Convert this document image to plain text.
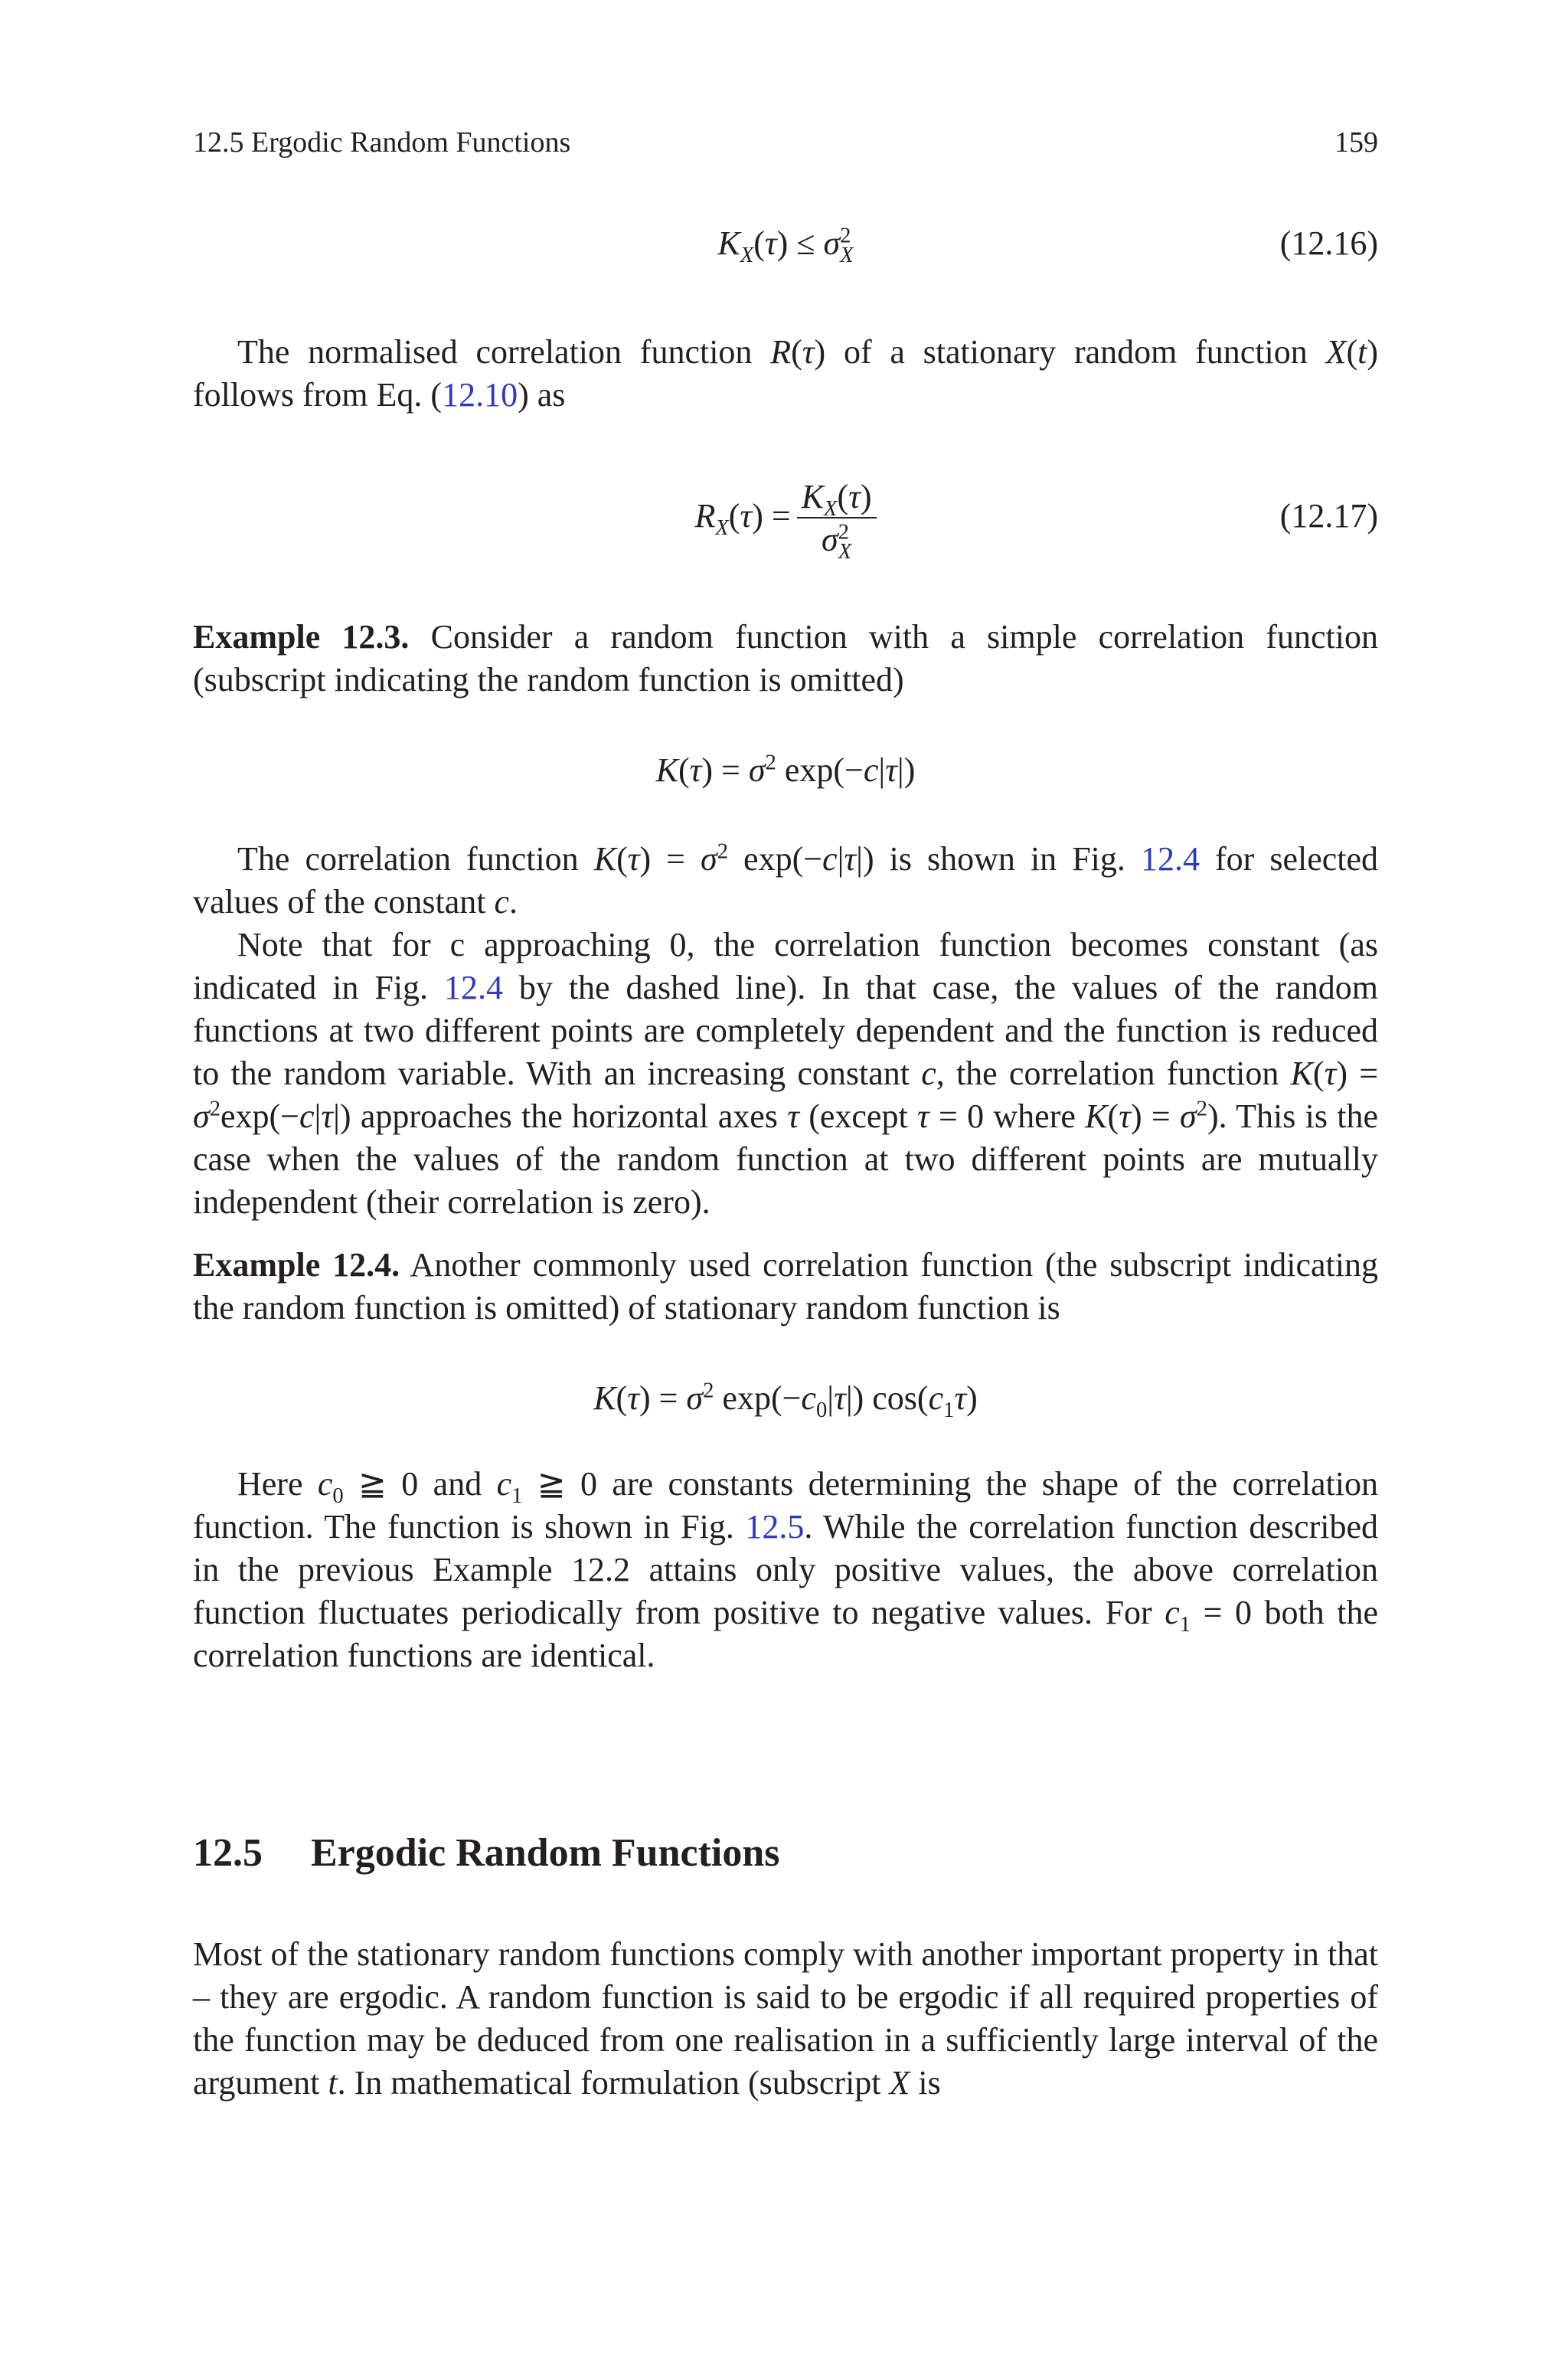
12.5 Ergodic Random Functions	159
$K_X(\tau) \le \sigma^2_X$	(12.16)

The normalised correlation function R(τ) of a stationary random function X(t) follows from Eq. (12.10) as

$R_X(\tau) = \frac{K_X(\tau)}{\sigma^2_X}$	(12.17)

Example 12.3. Consider a random function with a simple correlation function (subscript indicating the random function is omitted)

$K(\tau) = \sigma^2$ exp(−c|τ|)

The correlation function $K(\tau) = \sigma^2$ exp(−c|τ|) is shown in Fig. 12.4 for selected values of the constant c.

Note that for c approaching 0, the correlation function becomes constant (as indicated in Fig. 12.4 by the dashed line). In that case, the values of the random functions at two different points are completely dependent and the function is reduced to the random variable. With an increasing constant c, the correlation function $K(\tau) = \sigma^2\exp(-c|\tau|)$ approaches the horizontal axes τ (except τ = 0 where $K(\tau) = \sigma^2$). This is the case when the values of the random function at two different points are mutually independent (their correlation is zero).

Example 12.4. Another commonly used correlation function (the subscript indicating the random function is omitted) of stationary random function is

$K(\tau) = \sigma^2$ $\exp(-c_0|\tau|)$ $\cos(c_1\tau)$

Here $c_0$ ≧ 0 and $c_1$ ≧ 0 are constants determining the shape of the correlation function. The function is shown in Fig. 12.5. While the correlation function described in the previous Example 12.2 attains only positive values, the above correlation function fluctuates periodically from positive to negative values. For $c_1 = 0$ both the correlation functions are identical.

12.5 Ergodic Random Functions

Most of the stationary random functions comply with another important property in that – they are ergodic. A random function is said to be ergodic if all required properties of the function may be deduced from one realisation in a sufficiently large interval of the argument t. In mathematical formulation (subscript X is
